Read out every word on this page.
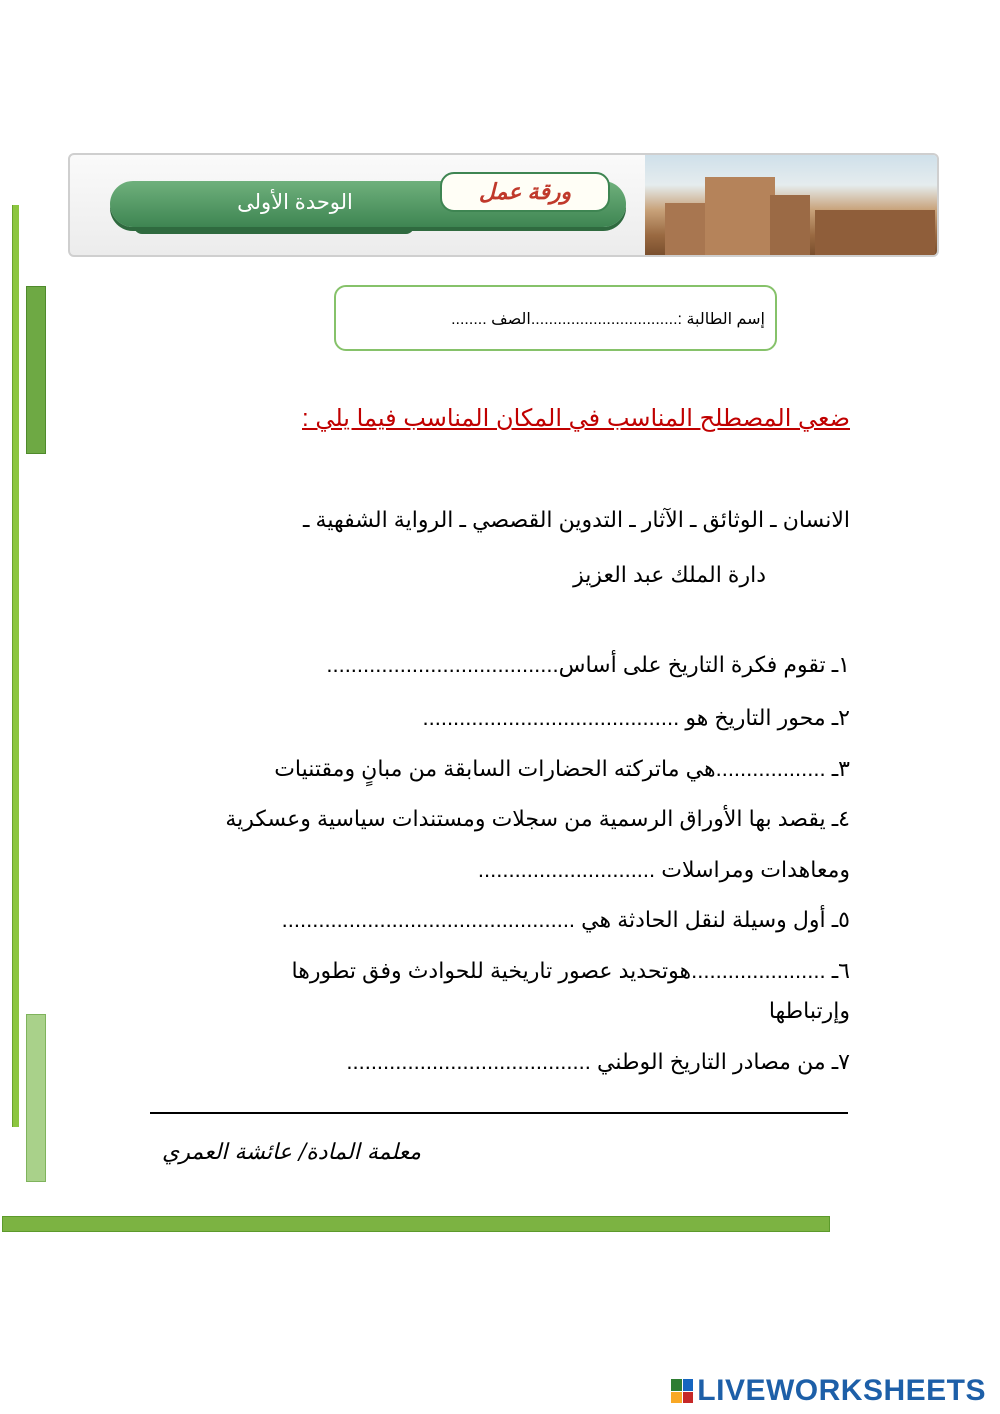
الوحدة الأولى	ورقة عمل
إسم الطالبة :.................................الصف ........
ضعي المصطلح المناسب في المكان المناسب فيما يلي :
الانسان ـ الوثائق ـ الآثار ـ التدوين القصصي ـ الرواية الشفهية ـ
دارة الملك عبد العزيز
١ـ تقوم فكرة التاريخ على أساس......................................
٢ـ محور التاريخ هو ..........................................
٣ـ ..................هي ماتركته الحضارات السابقة من مبانٍ ومقتنيات
٤ـ يقصد بها الأوراق الرسمية من سجلات ومستندات سياسية وعسكرية
ومعاهدات ومراسلات .............................
٥ـ أول وسيلة لنقل الحادثة هي ................................................
٦ـ ......................هوتحديد عصور تاريخية للحوادث وفق تطورها
وإرتباطها
٧ـ من مصادر التاريخ الوطني ........................................
معلمة المادة/ عائشة العمري
LIVEWORKSHEETS
